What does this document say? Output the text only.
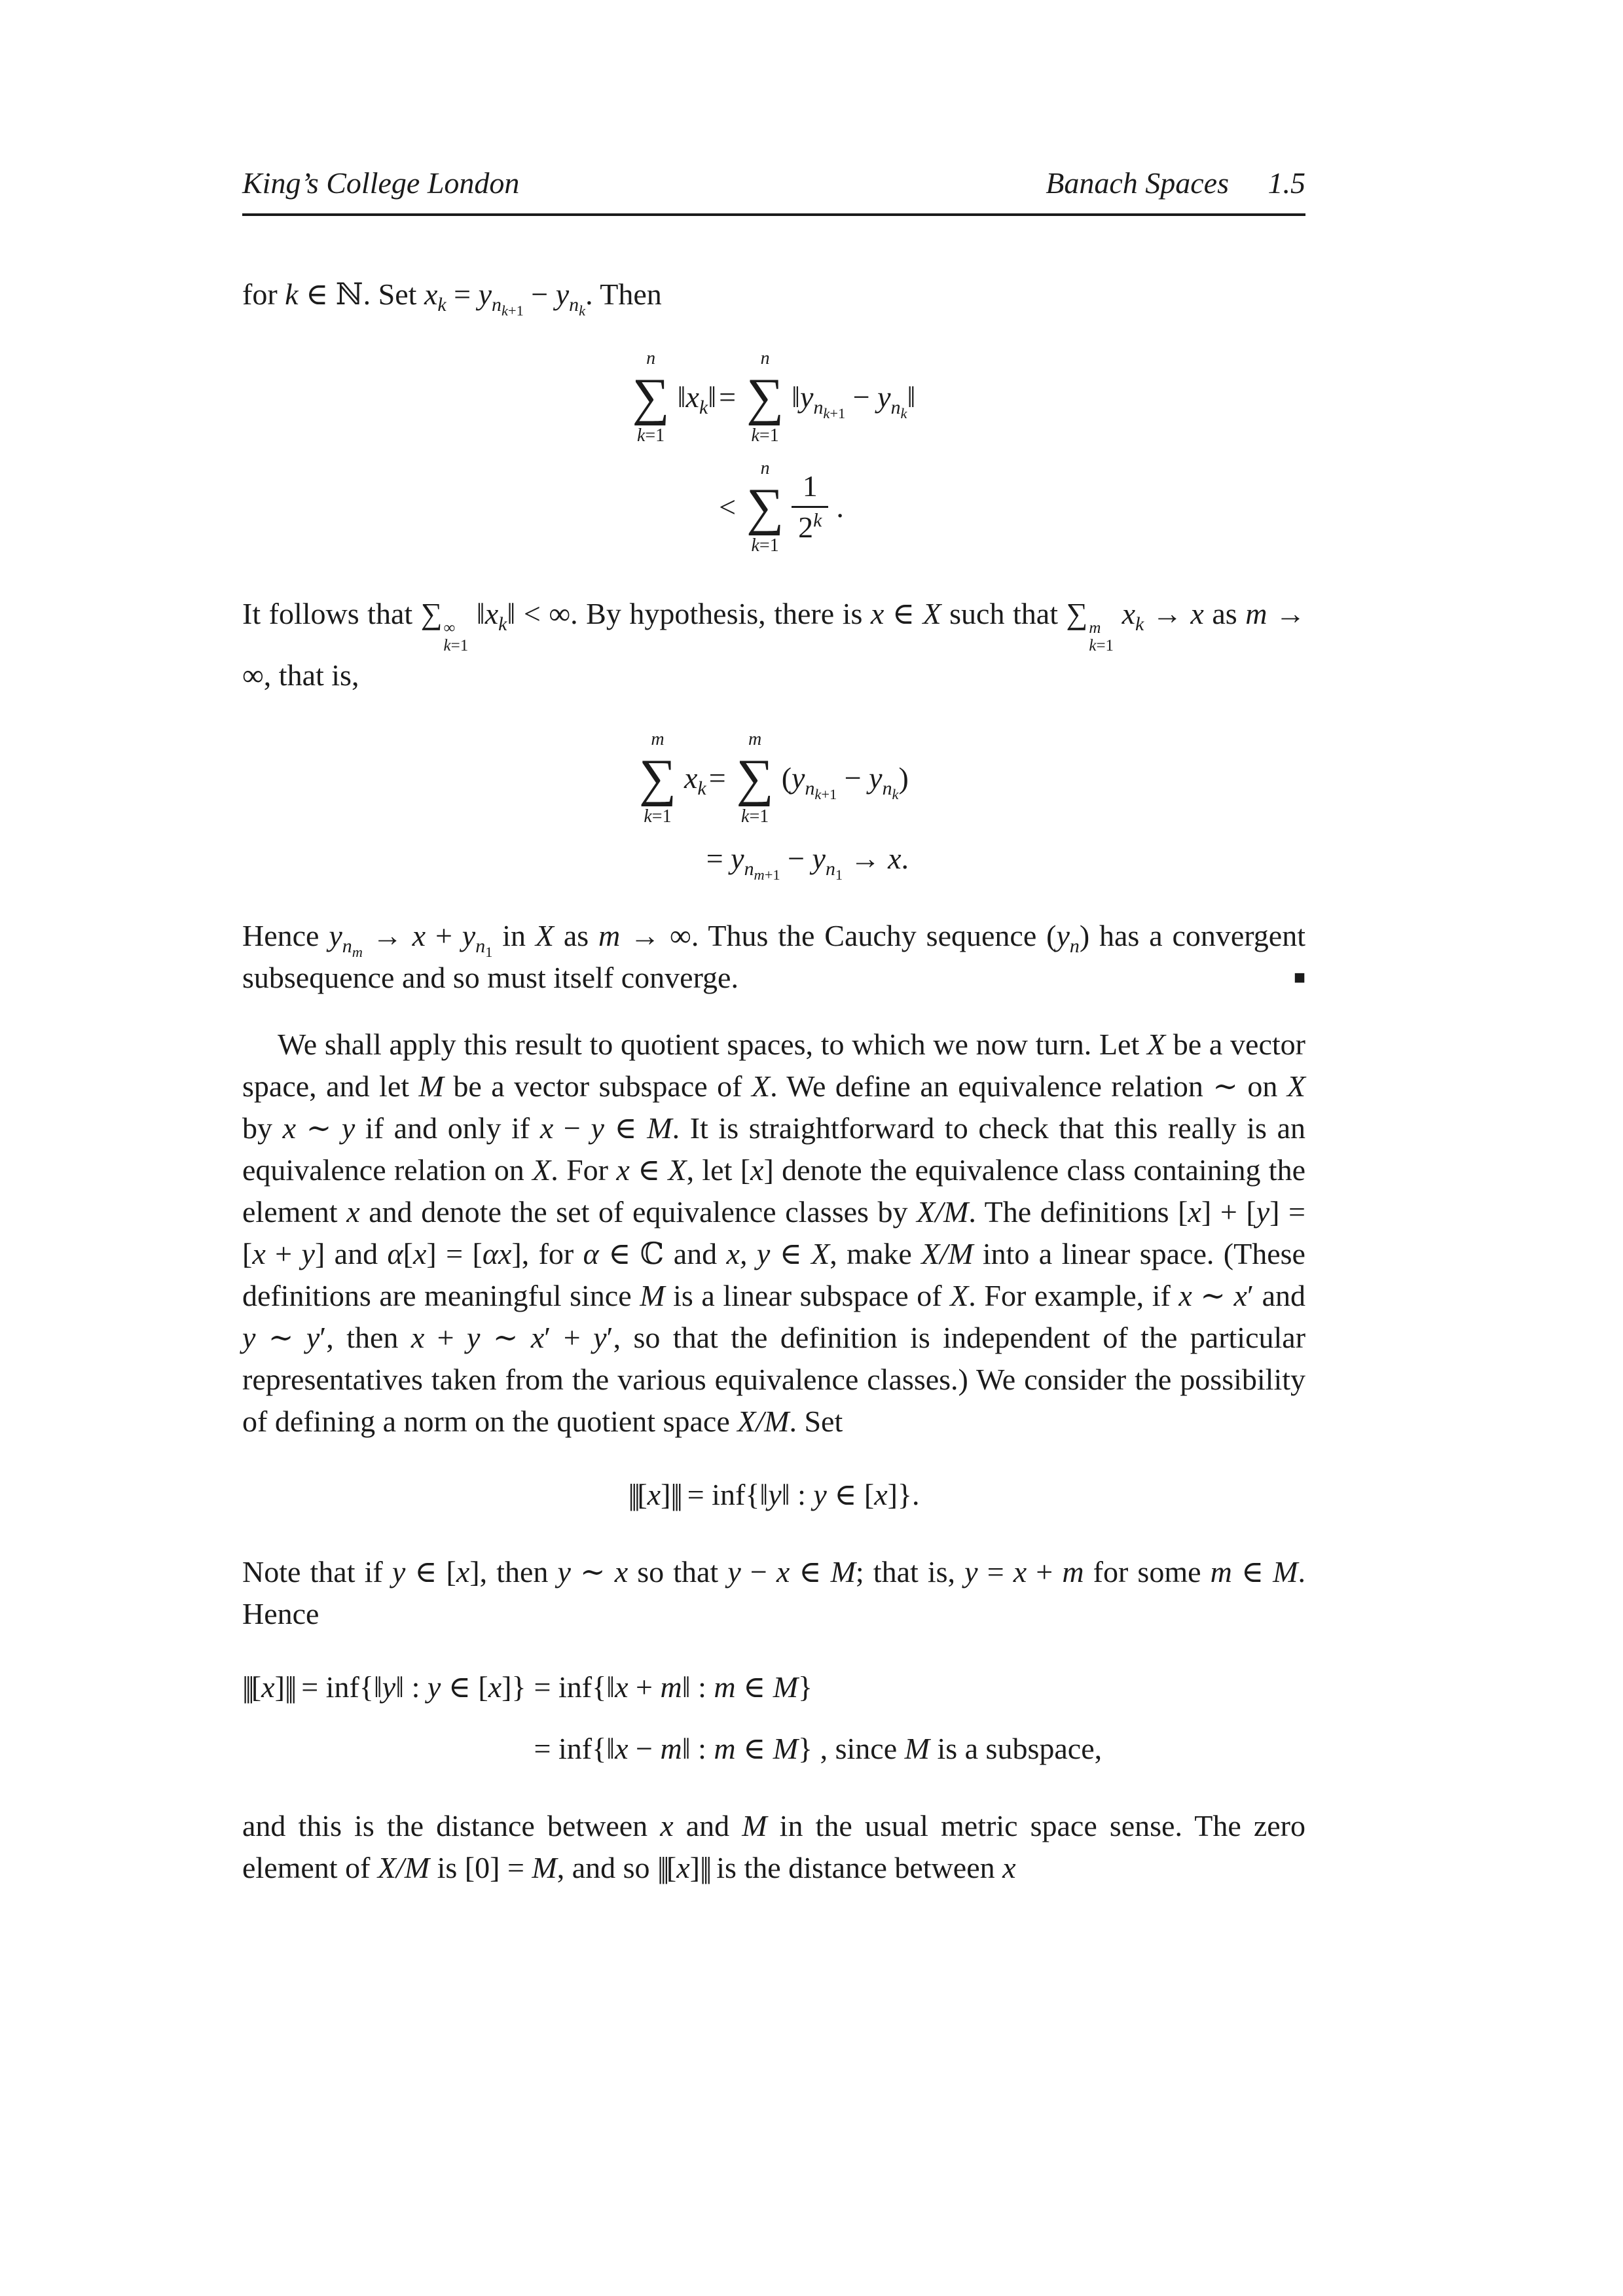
King’s College London	Banach Spaces 1.5

for k ∈ ℕ. Set $x_k = y_{n_{k+1}} - y_{n_k}$. Then

n
∑
k=1
$‖x_k‖$ =
n
∑
k=1
$‖y_{n_{k+1}}$ − $y_{n_k}‖$
<
n
∑
k=1
$\frac{1}{2^k}$ .

It follows that ∑ ∞
k=1
$‖x_k‖$ < ∞. By hypothesis, there is x ∈ X such that ∑ m
k=1
$x_k \to x$ as m → ∞, that is,

m
∑
k=1
$x_k$ =
m
∑
k=1
$(y_{n_{k+1}} - y_{n_k})$
= $y_{n_{m+1}} - y_{n_1} \to x$.

Hence $y_{n_m} \to x + y_{n_1}$ in X as m → ∞. Thus the Cauchy sequence $(y_n)$ has a convergent subsequence and so must itself converge.	■

We shall apply this result to quotient spaces, to which we now turn. Let X be a vector space, and let M be a vector subspace of X. We define an equivalence relation ∼ on X by x ∼ y if and only if x − y ∈ M. It is straightforward to check that this really is an equivalence relation on X. For x ∈ X, let [x] denote the equivalence class containing the element x and denote the set of equivalence classes by X/M. The definitions [x] + [y] = [x + y] and α[x] = [αx], for α ∈ ℂ and x, y ∈ X, make X/M into a linear space. (These definitions are meaningful since M is a linear subspace of X. For example, if x ∼ x′ and y ∼ y′, then x + y ∼ x′ + y′, so that the definition is independent of the particular representatives taken from the various equivalence classes.) We consider the possibility of defining a norm on the quotient space X/M. Set

|||[x]||| = inf{‖y‖ : y ∈ [x]}.

Note that if y ∈ [x], then y ∼ x so that y − x ∈ M; that is, y = x + m for some m ∈ M. Hence

|||[x]||| = inf{‖y‖ : y ∈ [x]} = inf{‖x + m‖ : m ∈ M}
= inf{‖x − m‖ : m ∈ M} , since M is a subspace,

and this is the distance between x and M in the usual metric space sense. The zero element of X/M is [0] = M, and so |||[x]||| is the distance between x
